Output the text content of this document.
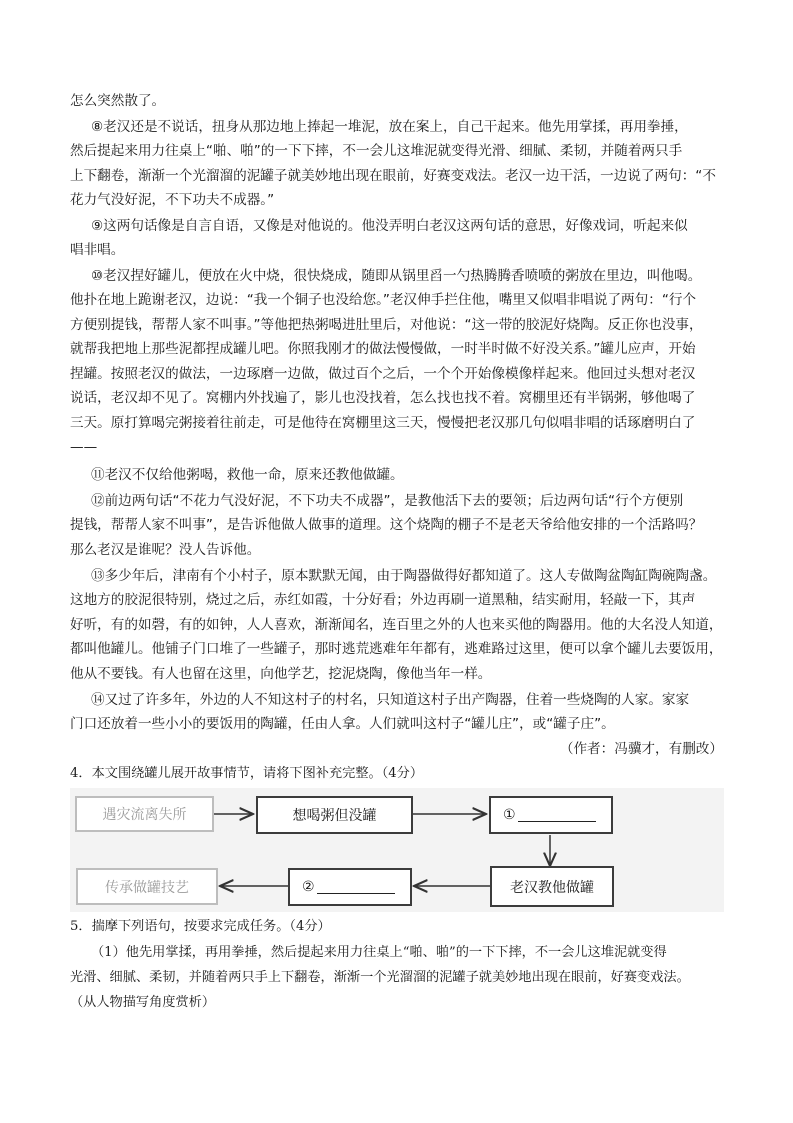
怎么突然散了。
⑧老汉还是不说话，扭身从那边地上捧起一堆泥，放在案上，自己干起来。他先用掌揉，再用拳捶，
然后提起来用力往桌上“啪、啪”的一下下摔，不一会儿这堆泥就变得光滑、细腻、柔韧，并随着两只手
上下翻卷，渐渐一个光溜溜的泥罐子就美妙地出现在眼前，好赛变戏法。老汉一边干活，一边说了两句：“不
花力气没好泥，不下功夫不成器。”
⑨这两句话像是自言自语，又像是对他说的。他没弄明白老汉这两句话的意思，好像戏词，听起来似
唱非唱。
⑩老汉捏好罐儿，便放在火中烧，很快烧成，随即从锅里舀一勺热腾腾香喷喷的粥放在里边，叫他喝。
他扑在地上跪谢老汉，边说：“我一个铜子也没给您。”老汉伸手拦住他，嘴里又似唱非唱说了两句：“行个
方便别提钱，帮帮人家不叫事。”等他把热粥喝进肚里后，对他说：“这一带的胶泥好烧陶。反正你也没事，
就帮我把地上那些泥都捏成罐儿吧。你照我刚才的做法慢慢做，一时半时做不好没关系。”罐儿应声，开始
捏罐。按照老汉的做法，一边琢磨一边做，做过百个之后，一个个开始像模像样起来。他回过头想对老汉
说话，老汉却不见了。窝棚内外找遍了，影儿也没找着，怎么找也找不着。窝棚里还有半锅粥，够他喝了
三天。原打算喝完粥接着往前走，可是他待在窝棚里这三天，慢慢把老汉那几句似唱非唱的话琢磨明白了
——
⑪老汉不仅给他粥喝，救他一命，原来还教他做罐。
⑫前边两句话“不花力气没好泥，不下功夫不成器”，是教他活下去的要领；后边两句话“行个方便别
提钱，帮帮人家不叫事”，是告诉他做人做事的道理。这个烧陶的棚子不是老天爷给他安排的一个活路吗？
那么老汉是谁呢？没人告诉他。
⑬多少年后，津南有个小村子，原本默默无闻，由于陶器做得好都知道了。这人专做陶盆陶缸陶碗陶盏。
这地方的胶泥很特别，烧过之后，赤红如霞，十分好看；外边再刷一道黑釉，结实耐用，轻敲一下，其声
好听，有的如磬，有的如钟，人人喜欢，渐渐闻名，连百里之外的人也来买他的陶器用。他的大名没人知道，
都叫他罐儿。他铺子门口堆了一些罐子，那时逃荒逃难年年都有，逃难路过这里，便可以拿个罐儿去要饭用，
他从不要钱。有人也留在这里，向他学艺，挖泥烧陶，像他当年一样。
⑭又过了许多年，外边的人不知这村子的村名，只知道这村子出产陶器，住着一些烧陶的人家。家家
门口还放着一些小小的要饭用的陶罐，任由人拿。人们就叫这村子“罐儿庄”，或“罐子庄”。
（作者：冯骥才，有删改）
4．本文围绕罐儿展开故事情节，请将下图补充完整。（4分）
遇灾流离失所	想喝粥但没罐	①
老汉教他做罐
②
传承做罐技艺
5．揣摩下列语句，按要求完成任务。（4分）
（1）他先用掌揉，再用拳捶，然后提起来用力往桌上“啪、啪”的一下下摔，不一会儿这堆泥就变得
光滑、细腻、柔韧，并随着两只手上下翻卷，渐渐一个光溜溜的泥罐子就美妙地出现在眼前，好赛变戏法。
（从人物描写角度赏析）
